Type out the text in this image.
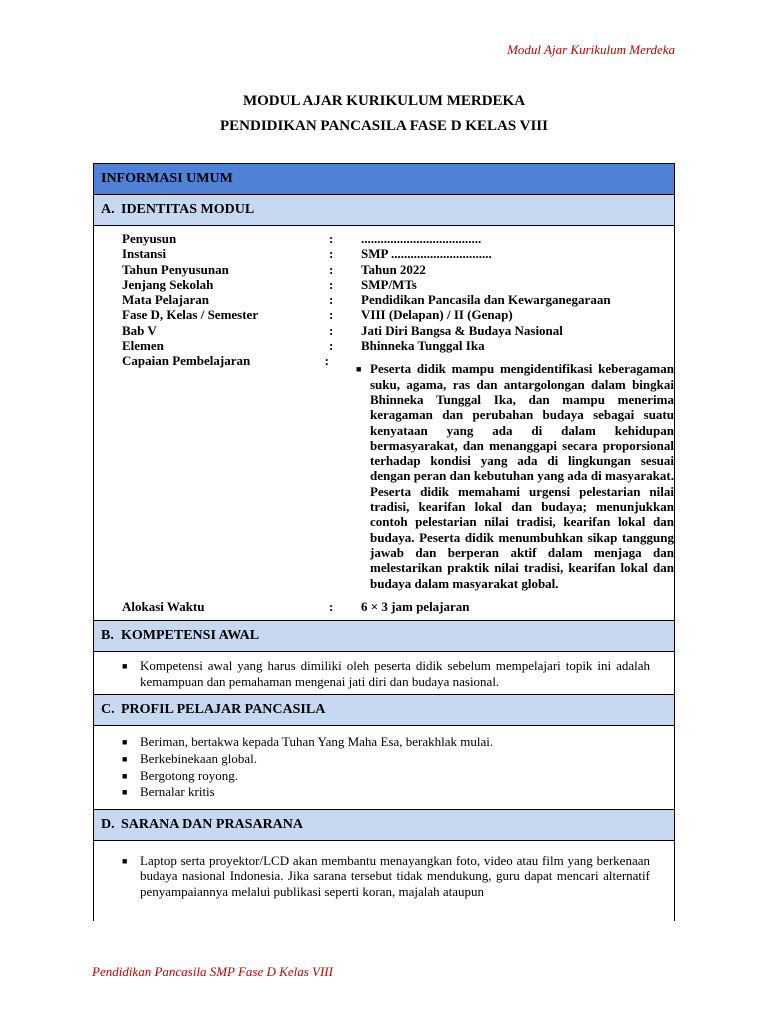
Modul Ajar Kurikulum Merdeka
MODUL AJAR KURIKULUM MERDEKA
PENDIDIKAN PANCASILA FASE D KELAS VIII
INFORMASI UMUM
A. IDENTITAS MODUL
Penyusun	:	.....................................
Instansi	:	SMP ...............................
Tahun Penyusunan	:	Tahun 2022
Jenjang Sekolah	:	SMP/MTs
Mata Pelajaran	:	Pendidikan Pancasila dan Kewarganegaraan
Fase D, Kelas / Semester	:	VIII (Delapan) / II (Genap)
Bab V	:	Jati Diri Bangsa & Budaya Nasional
Elemen	:	Bhinneka Tunggal Ika
Capaian Pembelajaran	:
■ Peserta didik mampu mengidentifikasi keberagaman suku, agama, ras dan antargolongan dalam bingkai Bhinneka Tunggal Ika, dan mampu menerima keragaman dan perubahan budaya sebagai suatu kenyataan yang ada di dalam kehidupan bermasyarakat, dan menanggapi secara proporsional terhadap kondisi yang ada di lingkungan sesuai dengan peran dan kebutuhan yang ada di masyarakat. Peserta didik memahami urgensi pelestarian nilai tradisi, kearifan lokal dan budaya; menunjukkan contoh pelestarian nilai tradisi, kearifan lokal dan budaya. Peserta didik menumbuhkan sikap tanggung jawab dan berperan aktif dalam menjaga dan melestarikan praktik nilai tradisi, kearifan lokal dan budaya dalam masyarakat global.
Alokasi Waktu	:	6 × 3 jam pelajaran
B. KOMPETENSI AWAL
■ Kompetensi awal yang harus dimiliki oleh peserta didik sebelum mempelajari topik ini adalah kemampuan dan pemahaman mengenai jati diri dan budaya nasional.
C. PROFIL PELAJAR PANCASILA
■ Beriman, bertakwa kepada Tuhan Yang Maha Esa, berakhlak mulai.
■ Berkebinekaan global.
■ Bergotong royong.
■ Bernalar kritis
D. SARANA DAN PRASARANA
■ Laptop serta proyektor/LCD akan membantu menayangkan foto, video atau film yang berkenaan budaya nasional Indonesia. Jika sarana tersebut tidak mendukung, guru dapat mencari alternatif penyampaiannya melalui publikasi seperti koran, majalah ataupun
Pendidikan Pancasila SMP Fase D Kelas VIII
